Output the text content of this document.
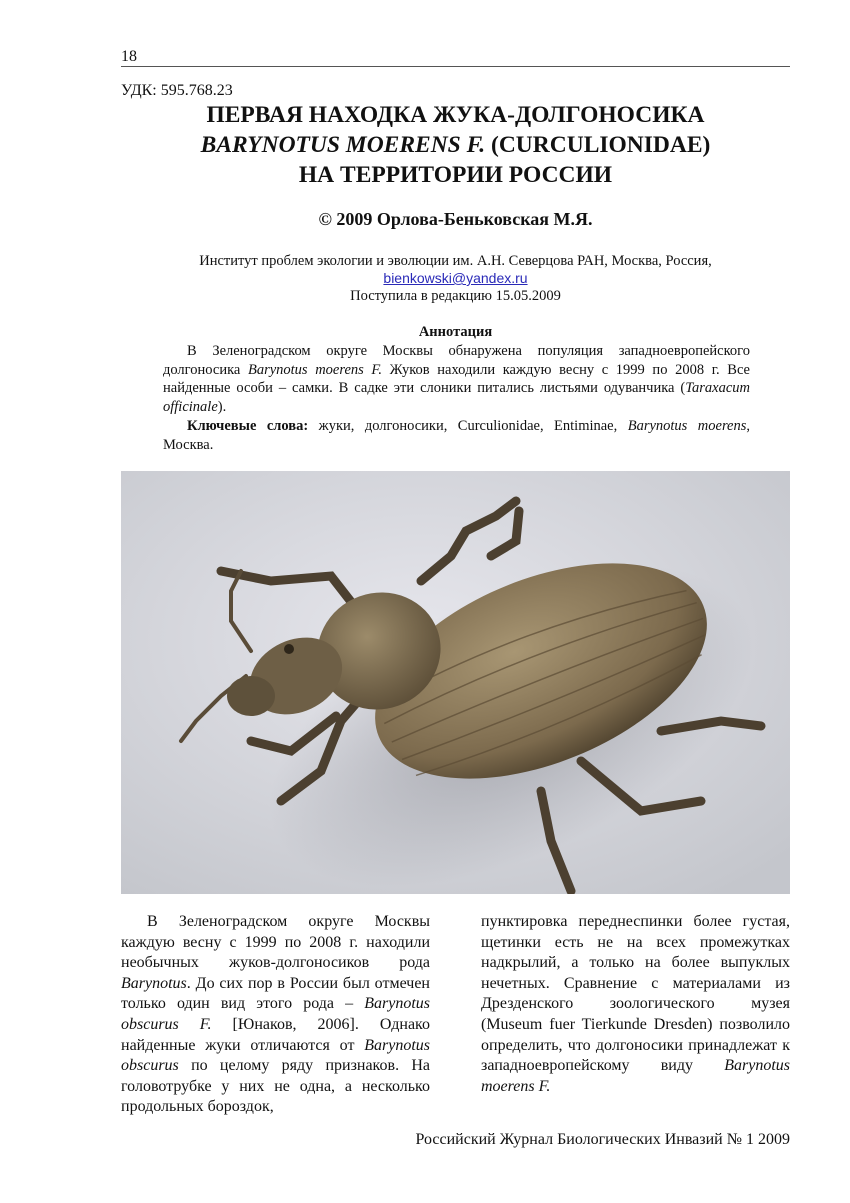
18
УДК: 595.768.23
ПЕРВАЯ НАХОДКА ЖУКА-ДОЛГОНОСИКА
BARYNOTUS MOERENS F. (CURCULIONIDAE)
НА ТЕРРИТОРИИ РОССИИ
© 2009 Орлова-Беньковская М.Я.
Институт проблем экологии и эволюции им. А.Н. Северцова РАН, Москва, Россия,
bienkowski@yandex.ru
Поступила в редакцию 15.05.2009
Аннотация

В Зеленоградском округе Москвы обнаружена популяция западноевропейского долгоносика Barynotus moerens F. Жуков находили каждую весну с 1999 по 2008 г. Все найденные особи – самки. В садке эти слоники питались листьями одуванчика (Taraxacum officinale).

Ключевые слова: жуки, долгоносики, Curculionidae, Entiminae, Barynotus moerens, Москва.

В Зеленоградском округе Москвы каждую весну с 1999 по 2008 г. находили необычных жуков-долгоносиков рода Barynotus. До сих пор в России был отмечен только один вид этого рода – Barynotus obscurus F. [Юнаков, 2006]. Однако найденные жуки отличаются от Barynotus obscurus по целому ряду признаков. На головотрубке у них не одна, а несколько продольных бороздок,

пунктировка переднеспинки более густая, щетинки есть не на всех промежутках надкрылий, а только на более выпуклых нечетных. Сравнение с материалами из Дрезденского зоологического музея (Museum fuer Tierkunde Dresden) позволило определить, что долгоносики принадлежат к западноевропейскому виду Barynotus moerens F.

Российский Журнал Биологических Инвазий № 1 2009
